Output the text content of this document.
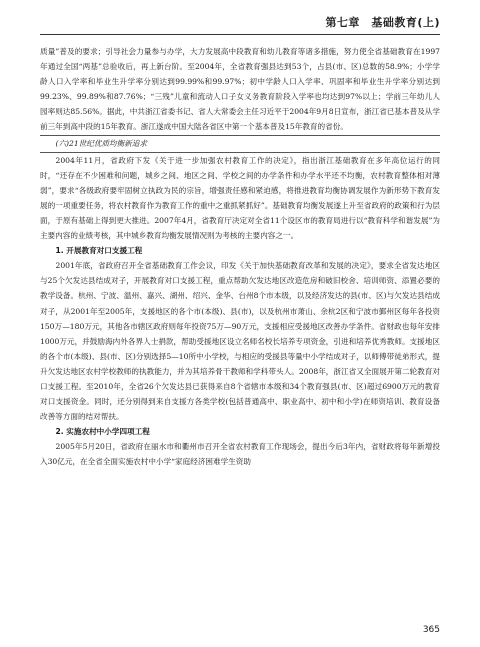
第七章　基础教育(上)

质量”普及的要求；引导社会力量参与办学，大力发展高中段教育和幼儿教育等诸多措施，努力使全省基础教育在1997年通过全国“两基”总验收后，再上新台阶。至2004年，全省教育强县达到53个，占县(市、区)总数的58.9%；小学学龄人口入学率和毕业生升学率分别达到99.99%和99.97%；初中学龄人口入学率、巩固率和毕业生升学率分别达到99.23%、99.89%和87.76%；“三残”儿童和流动人口子女义务教育阶段入学率也均达到97%以上；学前三年幼儿人园率则达85.56%。据此，中共浙江省委书记、省人大常委会主任习近平于2004年9月8日宣布，浙江省已基本普及从学前三年到高中段的15年教育。浙江遂成中国大陆各省区中第一个基本普及15年教育的省份。

(六)21世纪优质均衡新追求

2004年11月，省政府下发《关于进一步加强农村教育工作的决定》，指出浙江基础教育在多年高位运行的同时，“还存在不少困难和问题，城乡之间、地区之间、学校之间的办学条件和办学水平还不均衡，农村教育整体相对薄弱”，要求“各级政府要牢固树立执政为民的宗旨，增强责任感和紧迫感，将推进教育均衡协调发展作为新形势下教育发展的一项重要任务，将农村教育作为教育工作的重中之重抓紧抓好”。基础教育均衡发展遂上升至省政府的政策和行为层面，于原有基础上得到更大推进。2007年4月，省教育厅决定对全省11个设区市的教育局进行以“教育科学和谐发展”为主要内容的业绩考核，其中城乡教育均衡发展情况则为考核的主要内容之一。

1. 开展教育对口支援工程

2001年底，省政府召开全省基础教育工作会议，印发《关于加快基础教育改革和发展的决定》，要求全省发达地区与25个欠发达县结成对子，开展教育对口支援工程，重点帮助欠发达地区改造危房和破旧校舍、培训师资、添置必要的教学设备。杭州、宁波、温州、嘉兴、湖州、绍兴、金华、台州8个市本级，以及经济发达的县(市、区)与欠发达县结成对子，从2001年至2005年，支援地区的各个市(本级)、县(市)，以及杭州市萧山、余杭2区和宁波市鄞州区每年各投资150万—180万元，其他各市辖区政府则每年投资75万—90万元，支援相应受援地区改善办学条件。省财政也每年安排1000万元，并鼓励海内外各界人士捐款，帮助受援地区设立名师名校长培养专项资金，引进和培养优秀教师。支援地区的各个市(本级)、县(市、区)分别选择5—10所中小学校，与相应的受援县等量中小学结成对子，以师傅带徒弟形式，提升欠发达地区农村学校教师的执教能力，并为其培养骨干教师和学科带头人。2008年，浙江省又全面展开第二轮教育对口支援工程。至2010年，全省26个欠发达县已获得来自8个省辖市本级和34个教育强县(市、区)超过6900万元的教育对口支援资金。同时，还分别得到来自支援方各类学校(包括普通高中、职业高中、初中和小学)在师资培训、教育设备改善等方面的结对帮扶。

2. 实施农村中小学四项工程

2005年5月20日，省政府在丽水市和衢州市召开全省农村教育工作现场会，提出今后3年内，省财政将每年新增投入30亿元，在全省全面实施农村中小学“家庭经济困难学生资助

365
